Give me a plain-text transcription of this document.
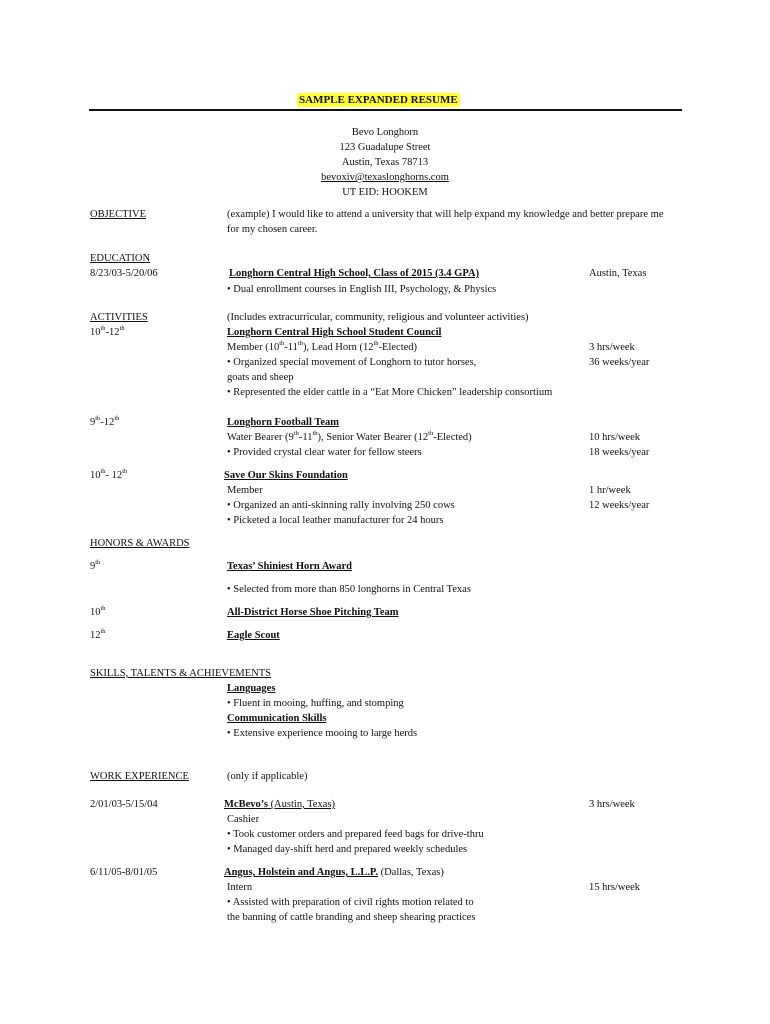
SAMPLE EXPANDED RESUME
Bevo Longhorn
123 Guadalupe Street
Austin, Texas 78713
bevoxiv@texaslonghorns.com
UT EID: HOOKEM
OBJECTIVE	(example) I would like to attend a university that will help expand my knowledge and better prepare me
for my chosen career.
EDUCATION
8/23/03-5/20/06	Longhorn Central High School, Class of 2015 (3.4 GPA)	Austin, Texas
• Dual enrollment courses in English III, Psychology, & Physics
ACTIVITIES	(Includes extracurricular, community, religious and volunteer activities)
10th-12th	Longhorn Central High School Student Council
Member (10th-11th), Lead Horn (12th-Elected)	3 hrs/week
• Organized special movement of Longhorn to tutor horses,	36 weeks/year
goats and sheep
• Represented the elder cattle in a “Eat More Chicken” leadership consortium
9th-12th	Longhorn Football Team
Water Bearer (9th-11th), Senior Water Bearer (12th-Elected)	10 hrs/week
• Provided crystal clear water for fellow steers	18 weeks/year
10th- 12th	Save Our Skins Foundation
Member	1 hr/week
• Organized an anti-skinning rally involving 250 cows	12 weeks/year
• Picketed a local leather manufacturer for 24 hours
HONORS & AWARDS
9th	Texas’ Shiniest Horn Award
• Selected from more than 850 longhorns in Central Texas
10th	All-District Horse Shoe Pitching Team
12th	Eagle Scout
SKILLS, TALENTS & ACHIEVEMENTS
Languages
• Fluent in mooing, huffing, and stomping
Communication Skills
• Extensive experience mooing to large herds
WORK EXPERIENCE	(only if applicable)
2/01/03-5/15/04	McBevo’s (Austin, Texas)	3 hrs/week
Cashier
• Took customer orders and prepared feed bags for drive-thru
• Managed day-shift herd and prepared weekly schedules
6/11/05-8/01/05	Angus, Holstein and Angus, L.L.P. (Dallas, Texas)
Intern	15 hrs/week
• Assisted with preparation of civil rights motion related to
the banning of cattle branding and sheep shearing practices
